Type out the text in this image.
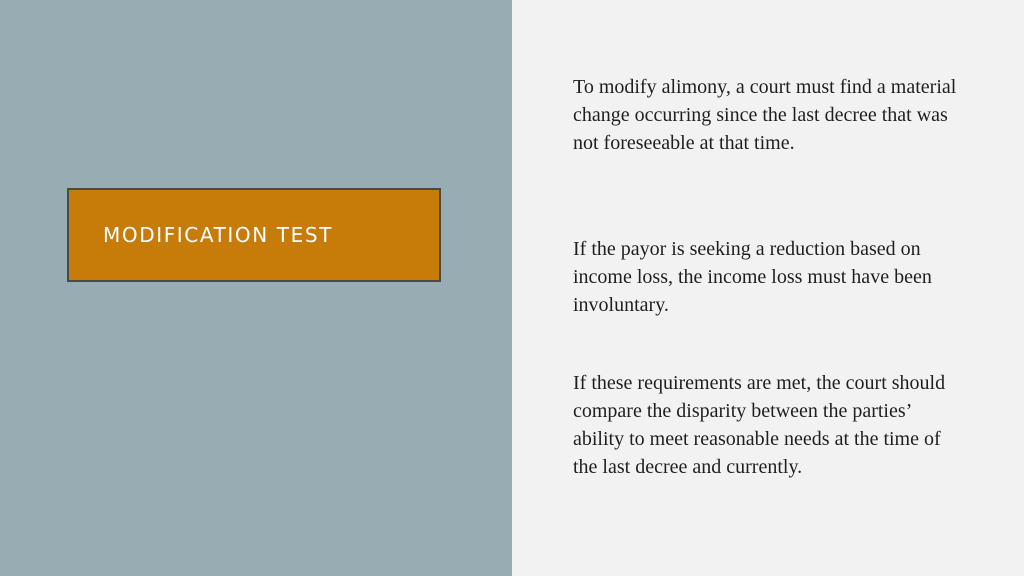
MODIFICATION TEST

To modify alimony, a court must find a material change occurring since the last decree that was not foreseeable at that time.

If the payor is seeking a reduction based on income loss, the income loss must have been involuntary.

If these requirements are met, the court should compare the disparity between the parties’ ability to meet reasonable needs at the time of the last decree and currently.
